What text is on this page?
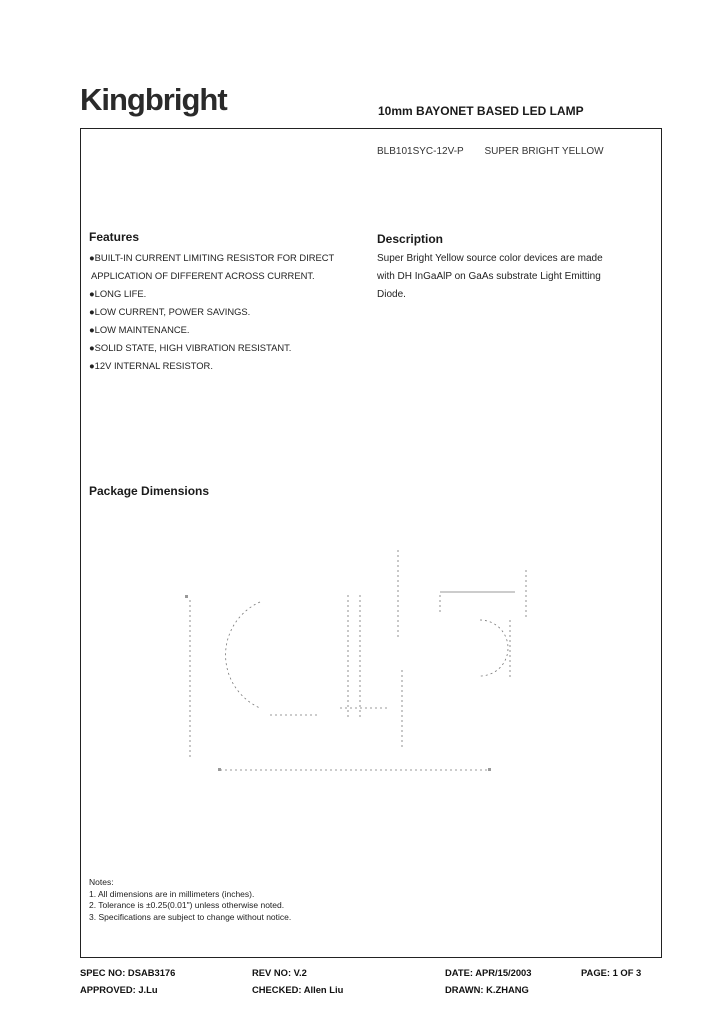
Kingbright	10mm BAYONET BASED LED LAMP
BLB101SYC-12V-P SUPER BRIGHT YELLOW
Features
●BUILT-IN CURRENT LIMITING RESISTOR FOR DIRECT
APPLICATION OF DIFFERENT ACROSS CURRENT.
●LONG LIFE.
●LOW CURRENT, POWER SAVINGS.
●LOW MAINTENANCE.
●SOLID STATE, HIGH VIBRATION RESISTANT.
●12V INTERNAL RESISTOR.
Description
Super Bright Yellow source color devices are made
with DH InGaAlP on GaAs substrate Light Emitting
Diode.
Package Dimensions
Notes:
1. All dimensions are in millimeters (inches).
2. Tolerance is ±0.25(0.01") unless otherwise noted.
3. Specifications are subject to change without notice.
SPEC NO: DSAB3176	REV NO: V.2	DATE: APR/15/2003	PAGE: 1 OF 3
APPROVED: J.Lu	CHECKED: Allen Liu	DRAWN: K.ZHANG
